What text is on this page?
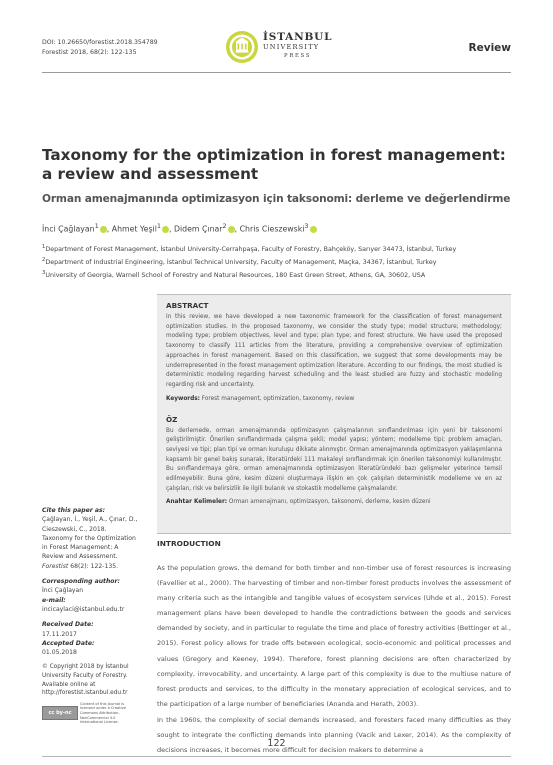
DOI: 10.26650/forestist.2018.354789
Forestist 2018, 68(2): 122-135
İSTANBUL
UNIVERSITY
PRESS
Review
Taxonomy for the optimization in forest management: a review and assessment
Orman amenajmanında optimizasyon için taksonomi: derleme ve değerlendirme
İnci Çağlayan$^1$ , Ahmet Yeşil$^1$ , Didem Çınar$^2$ , Chris Cieszewski$^3$
$^1$Department of Forest Management, İstanbul University-Cerrahpaşa, Faculty of Forestry, Bahçeköy, Sarıyer 34473, İstanbul, Turkey
$^2$Department of Industrial Engineering, İstanbul Technical University, Faculty of Management, Maçka, 34367, İstanbul, Turkey
$^3$University of Georgia, Warnell School of Forestry and Natural Resources, 180 East Green Street, Athens, GA, 30602, USA
ABSTRACT
In this review, we have developed a new taxonomic framework for the classification of forest management optimization studies. In the proposed taxonomy, we consider the study type; model structure; methodology; modeling type; problem objectives, level and type; plan type; and forest structure. We have used the proposed taxonomy to classify 111 articles from the literature, providing a comprehensive overview of optimization approaches in forest management. Based on this classification, we suggest that some developments may be underrepresented in the forest management optimization literature. According to our findings, the most studied is deterministic modeling regarding harvest scheduling and the least studied are fuzzy and stochastic modeling regarding risk and uncertainty.
Keywords: Forest management, optimization, taxonomy, review
ÖZ
Bu derlemede, orman amenajmanında optimizasyon çalışmalarının sınıflandırılması için yeni bir taksonomi geliştirilmiştir. Önerilen sınıflandırmada çalışma şekli; model yapısı; yöntem; modelleme tipi; problem amaçları, seviyesi ve tipi; plan tipi ve orman kuruluşu dikkate alınmıştır. Orman amenajmanında optimizasyon yaklaşımlarına kapsamlı bir genel bakış sunarak, literatürdeki 111 makaleyi sınıflandırmak için önerilen taksonomiyi kullanılmıştır. Bu sınıflandırmaya göre, orman amenajmanında optimizasyon literatüründeki bazı gelişmeler yeterince temsil edilmeyebilir. Buna göre, kesim düzeni oluşturmaya ilişkin en çok çalışılan deterministik modelleme ve en az çalışılan, risk ve belirsizlik ile ilgili bulanık ve stokastik modelleme çalışmalarıdır.
Anahtar Kelimeler: Orman amenajmanı, optimizasyon, taksonomi, derleme, kesim düzeni
Cite this paper as:
Çağlayan, İ., Yeşil, A., Çınar, D., Cieszewski, C., 2018. Taxonomy for the Optimization in Forest Management: A Review and Assessment. Forestist 68(2): 122-135.
Corresponding author:
İnci Çağlayan
e-mail:
incicaylaci@istanbul.edu.tr
Received Date:
17.11.2017
Accepted Date:
01.05.2018
© Copyright 2018 by İstanbul University Faculty of Forestry. Available online at http://forestist.istanbul.edu.tr
cc by-nc Content of this journal is licensed under a Creative Commons Attribution-NonCommercial 4.0 International License.
INTRODUCTION
As the population grows, the demand for both timber and non-timber use of forest resources is increasing (Favellier et al., 2000). The harvesting of timber and non-timber forest products involves the assessment of many criteria such as the intangible and tangible values of ecosystem services (Uhde et al., 2015). Forest management plans have been developed to handle the contradictions between the goods and services demanded by society, and in particular to regulate the time and place of forestry activities (Bettinger et al., 2015). Forest policy allows for trade offs between ecological, socio-economic and political processes and values (Gregory and Keeney, 1994). Therefore, forest planning decisions are often characterized by complexity, irrevocability, and uncertainty. A large part of this complexity is due to the multiuse nature of forest products and services, to the difficulty in the monetary appreciation of ecological services, and to the participation of a large number of beneficiaries (Ananda and Herath, 2003).
In the 1960s, the complexity of social demands increased, and foresters faced many difficulties as they sought to integrate the conflicting demands into planning (Vacik and Lexer, 2014). As the complexity of decisions increases, it becomes more difficult for decision makers to determine a
122
